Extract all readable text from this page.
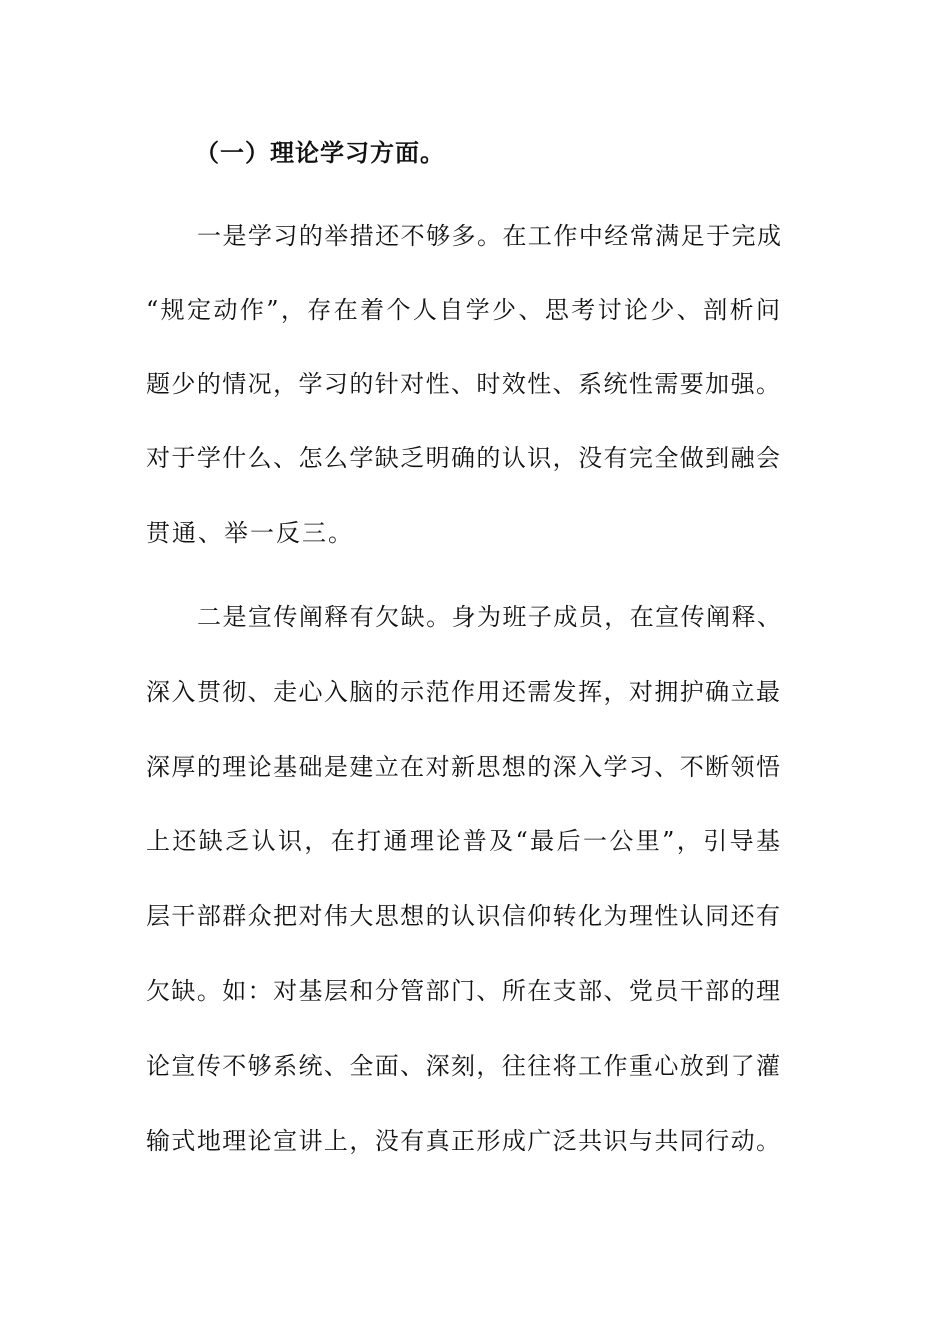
（一）理论学习方面。
一是学习的举措还不够多。在工作中经常满足于完成
“规定动作”，存在着个人自学少、思考讨论少、剖析问
题少的情况，学习的针对性、时效性、系统性需要加强。
对于学什么、怎么学缺乏明确的认识，没有完全做到融会
贯通、举一反三。
二是宣传阐释有欠缺。身为班子成员，在宣传阐释、
深入贯彻、走心入脑的示范作用还需发挥，对拥护确立最
深厚的理论基础是建立在对新思想的深入学习、不断领悟
上还缺乏认识，在打通理论普及“最后一公里”，引导基
层干部群众把对伟大思想的认识信仰转化为理性认同还有
欠缺。如：对基层和分管部门、所在支部、党员干部的理
论宣传不够系统、全面、深刻，往往将工作重心放到了灌
输式地理论宣讲上，没有真正形成广泛共识与共同行动。
